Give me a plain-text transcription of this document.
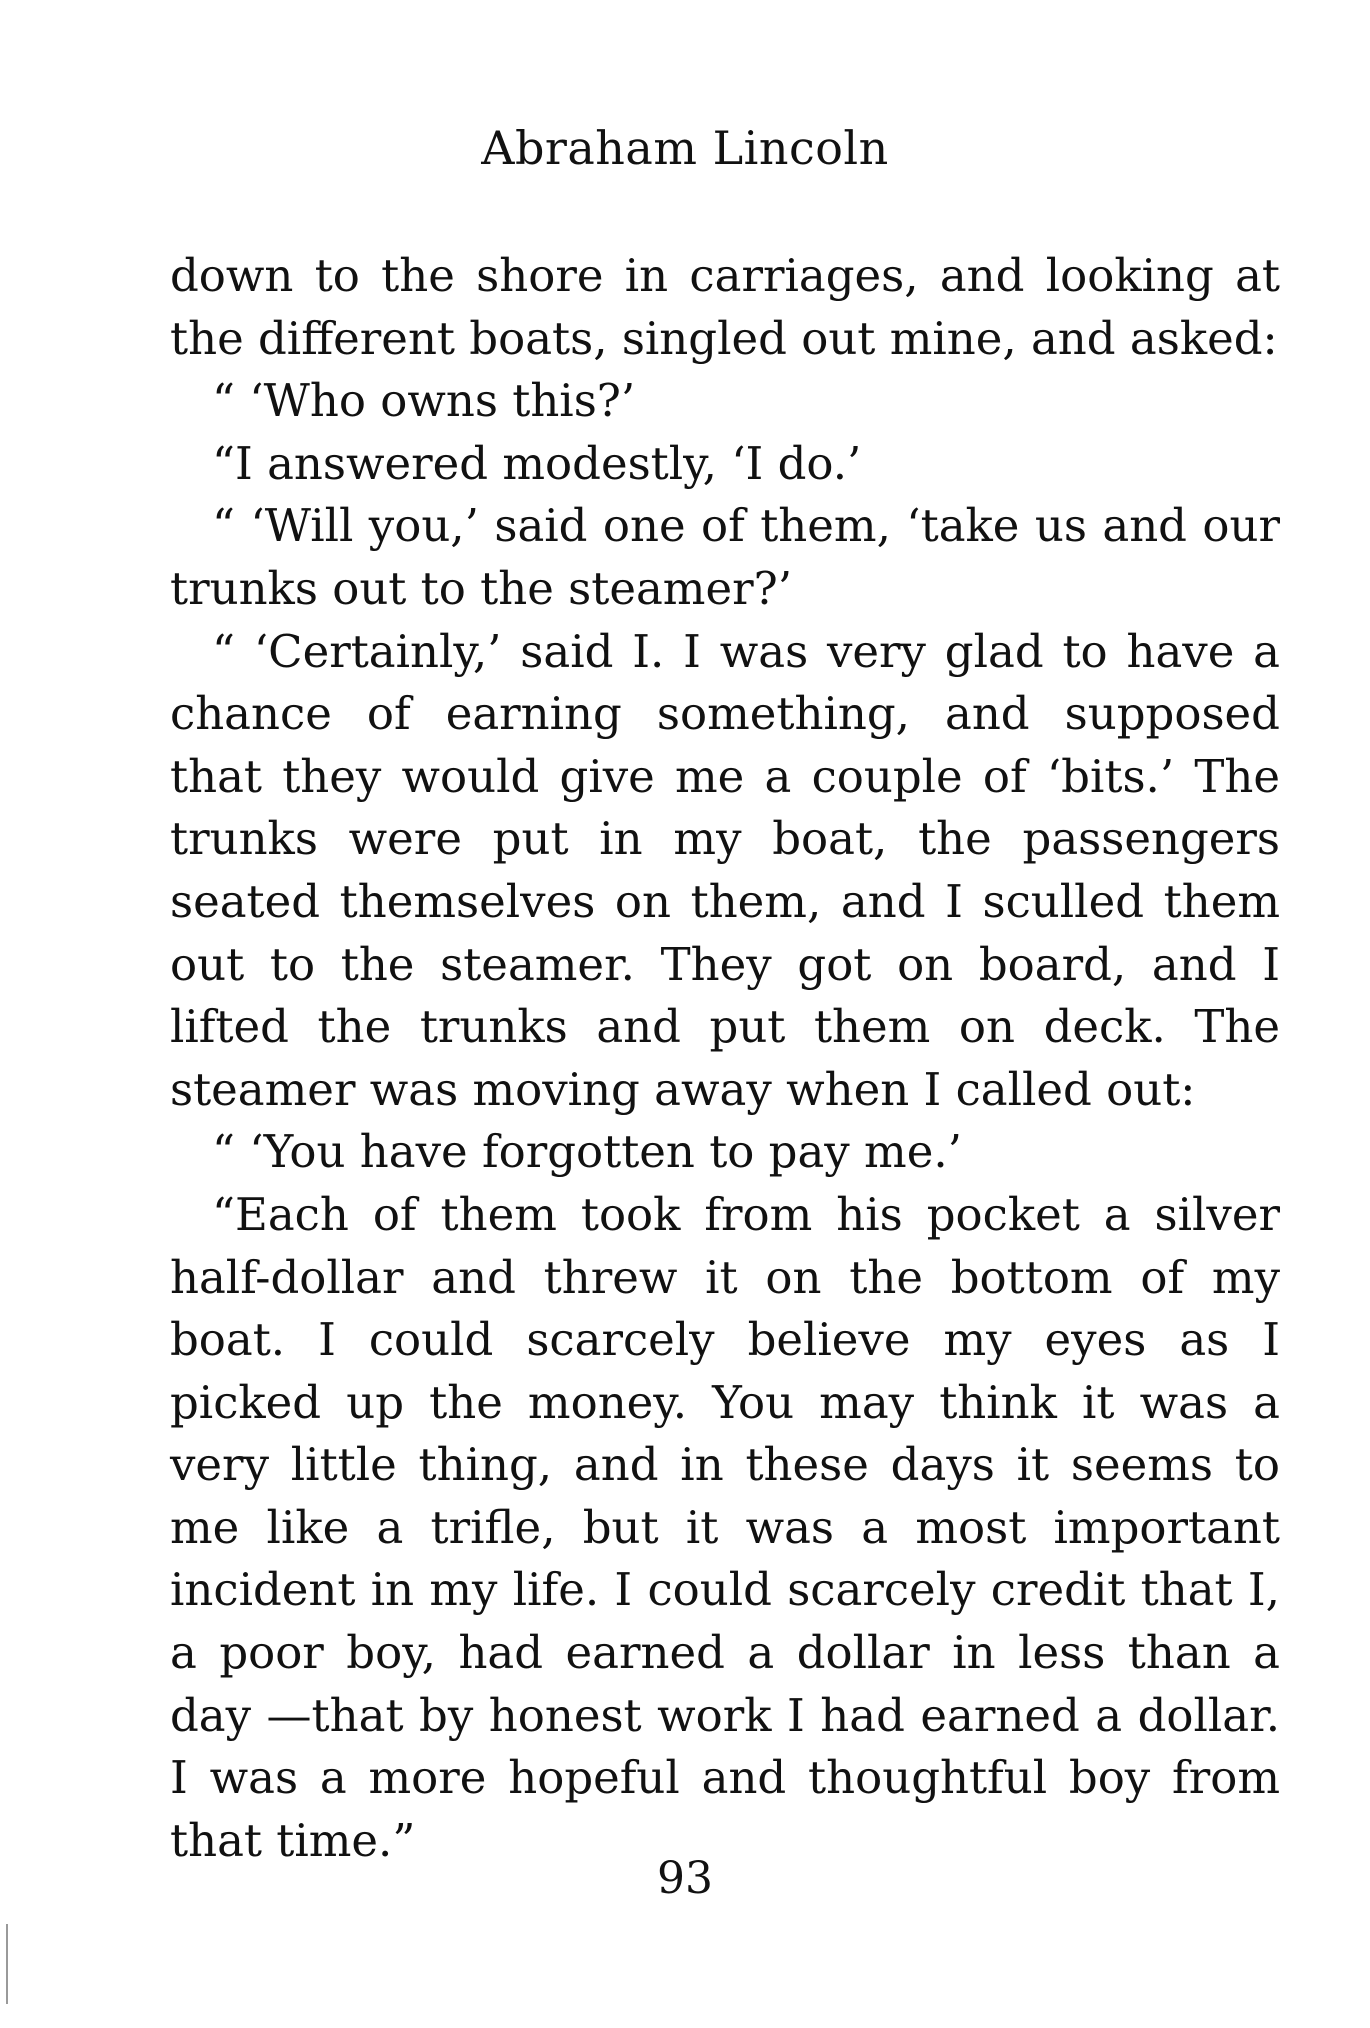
Abraham Lincoln

down to the shore in carriages, and looking at the different boats, singled out mine, and asked:

“ ‘Who owns this?’

“I answered modestly, ‘I do.’

“ ‘Will you,’ said one of them, ‘take us and our trunks out to the steamer?’

“ ‘Certainly,’ said I. I was very glad to have a chance of earning something, and supposed that they would give me a couple of ‘bits.’ The trunks were put in my boat, the passengers seated themselves on them, and I sculled them out to the steamer. They got on board, and I lifted the trunks and put them on deck. The steamer was moving away when I called out:

“ ‘You have forgotten to pay me.’

“Each of them took from his pocket a silver half-dollar and threw it on the bottom of my boat. I could scarcely believe my eyes as I picked up the money. You may think it was a very little thing, and in these days it seems to me like a trifle, but it was a most important incident in my life. I could scarcely credit that I, a poor boy, had earned a dollar in less than a day —that by honest work I had earned a dollar. I was a more hopeful and thoughtful boy from that time.”

93
